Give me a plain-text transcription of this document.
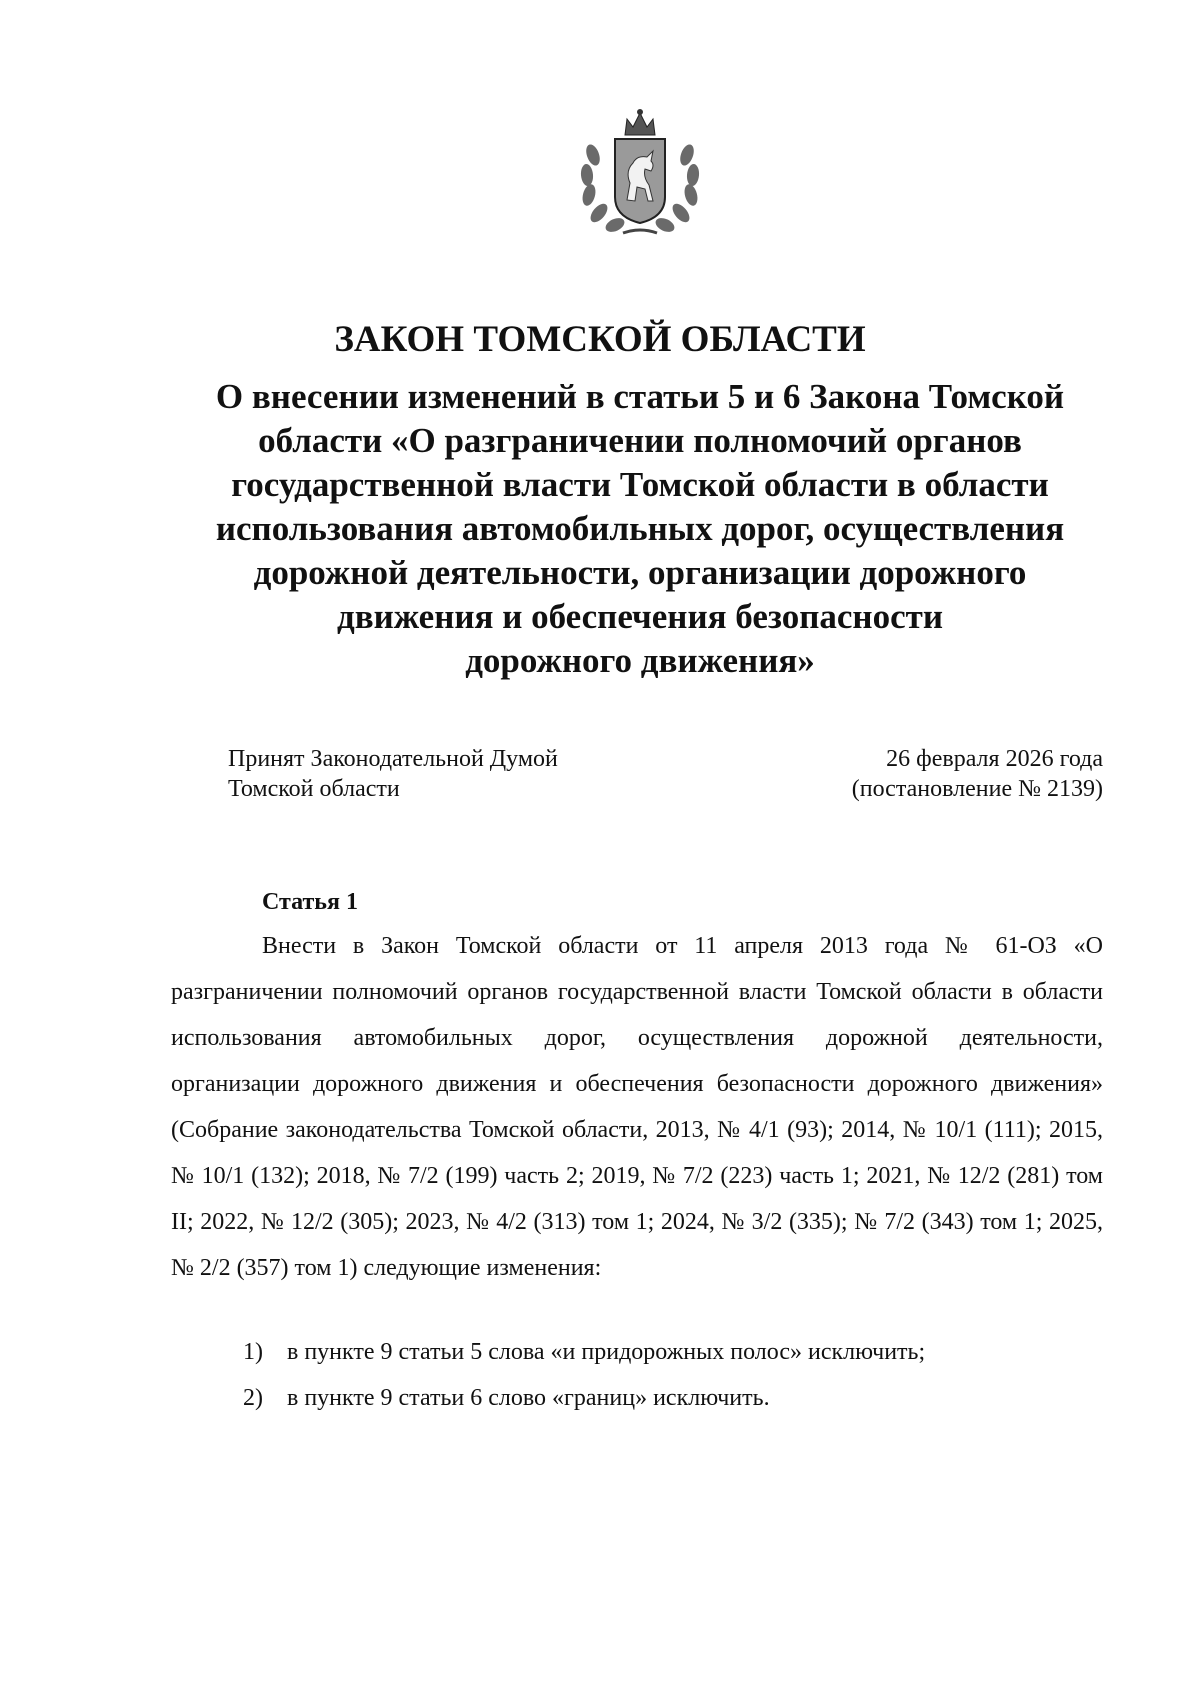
ЗАКОН ТОМСКОЙ ОБЛАСТИ
О внесении изменений в статьи 5 и 6 Закона Томской
области «О разграничении полномочий органов
государственной власти Томской области в области
использования автомобильных дорог, осуществления
дорожной деятельности, организации дорожного
движения и обеспечения безопасности
дорожного движения»
Принят Законодательной Думой
Томской области
26 февраля 2026 года
(постановление № 2139)
Статья 1

Внести в Закон Томской области от 11 апреля 2013 года № 61-ОЗ «О разграничении полномочий органов государственной власти Томской области в области использования автомобильных дорог, осуществления дорожной деятельности, организации дорожного движения и обеспечения безопасности дорожного движения» (Собрание законодательства Томской области, 2013, № 4/1 (93); 2014, № 10/1 (111); 2015, № 10/1 (132); 2018, № 7/2 (199) часть 2; 2019, № 7/2 (223) часть 1; 2021, № 12/2 (281) том II; 2022, № 12/2 (305); 2023, № 4/2 (313) том 1; 2024, № 3/2 (335); № 7/2 (343) том 1; 2025, № 2/2 (357) том 1) следующие изменения:

1) в пункте 9 статьи 5 слова «и придорожных полос» исключить;
2) в пункте 9 статьи 6 слово «границ» исключить.
